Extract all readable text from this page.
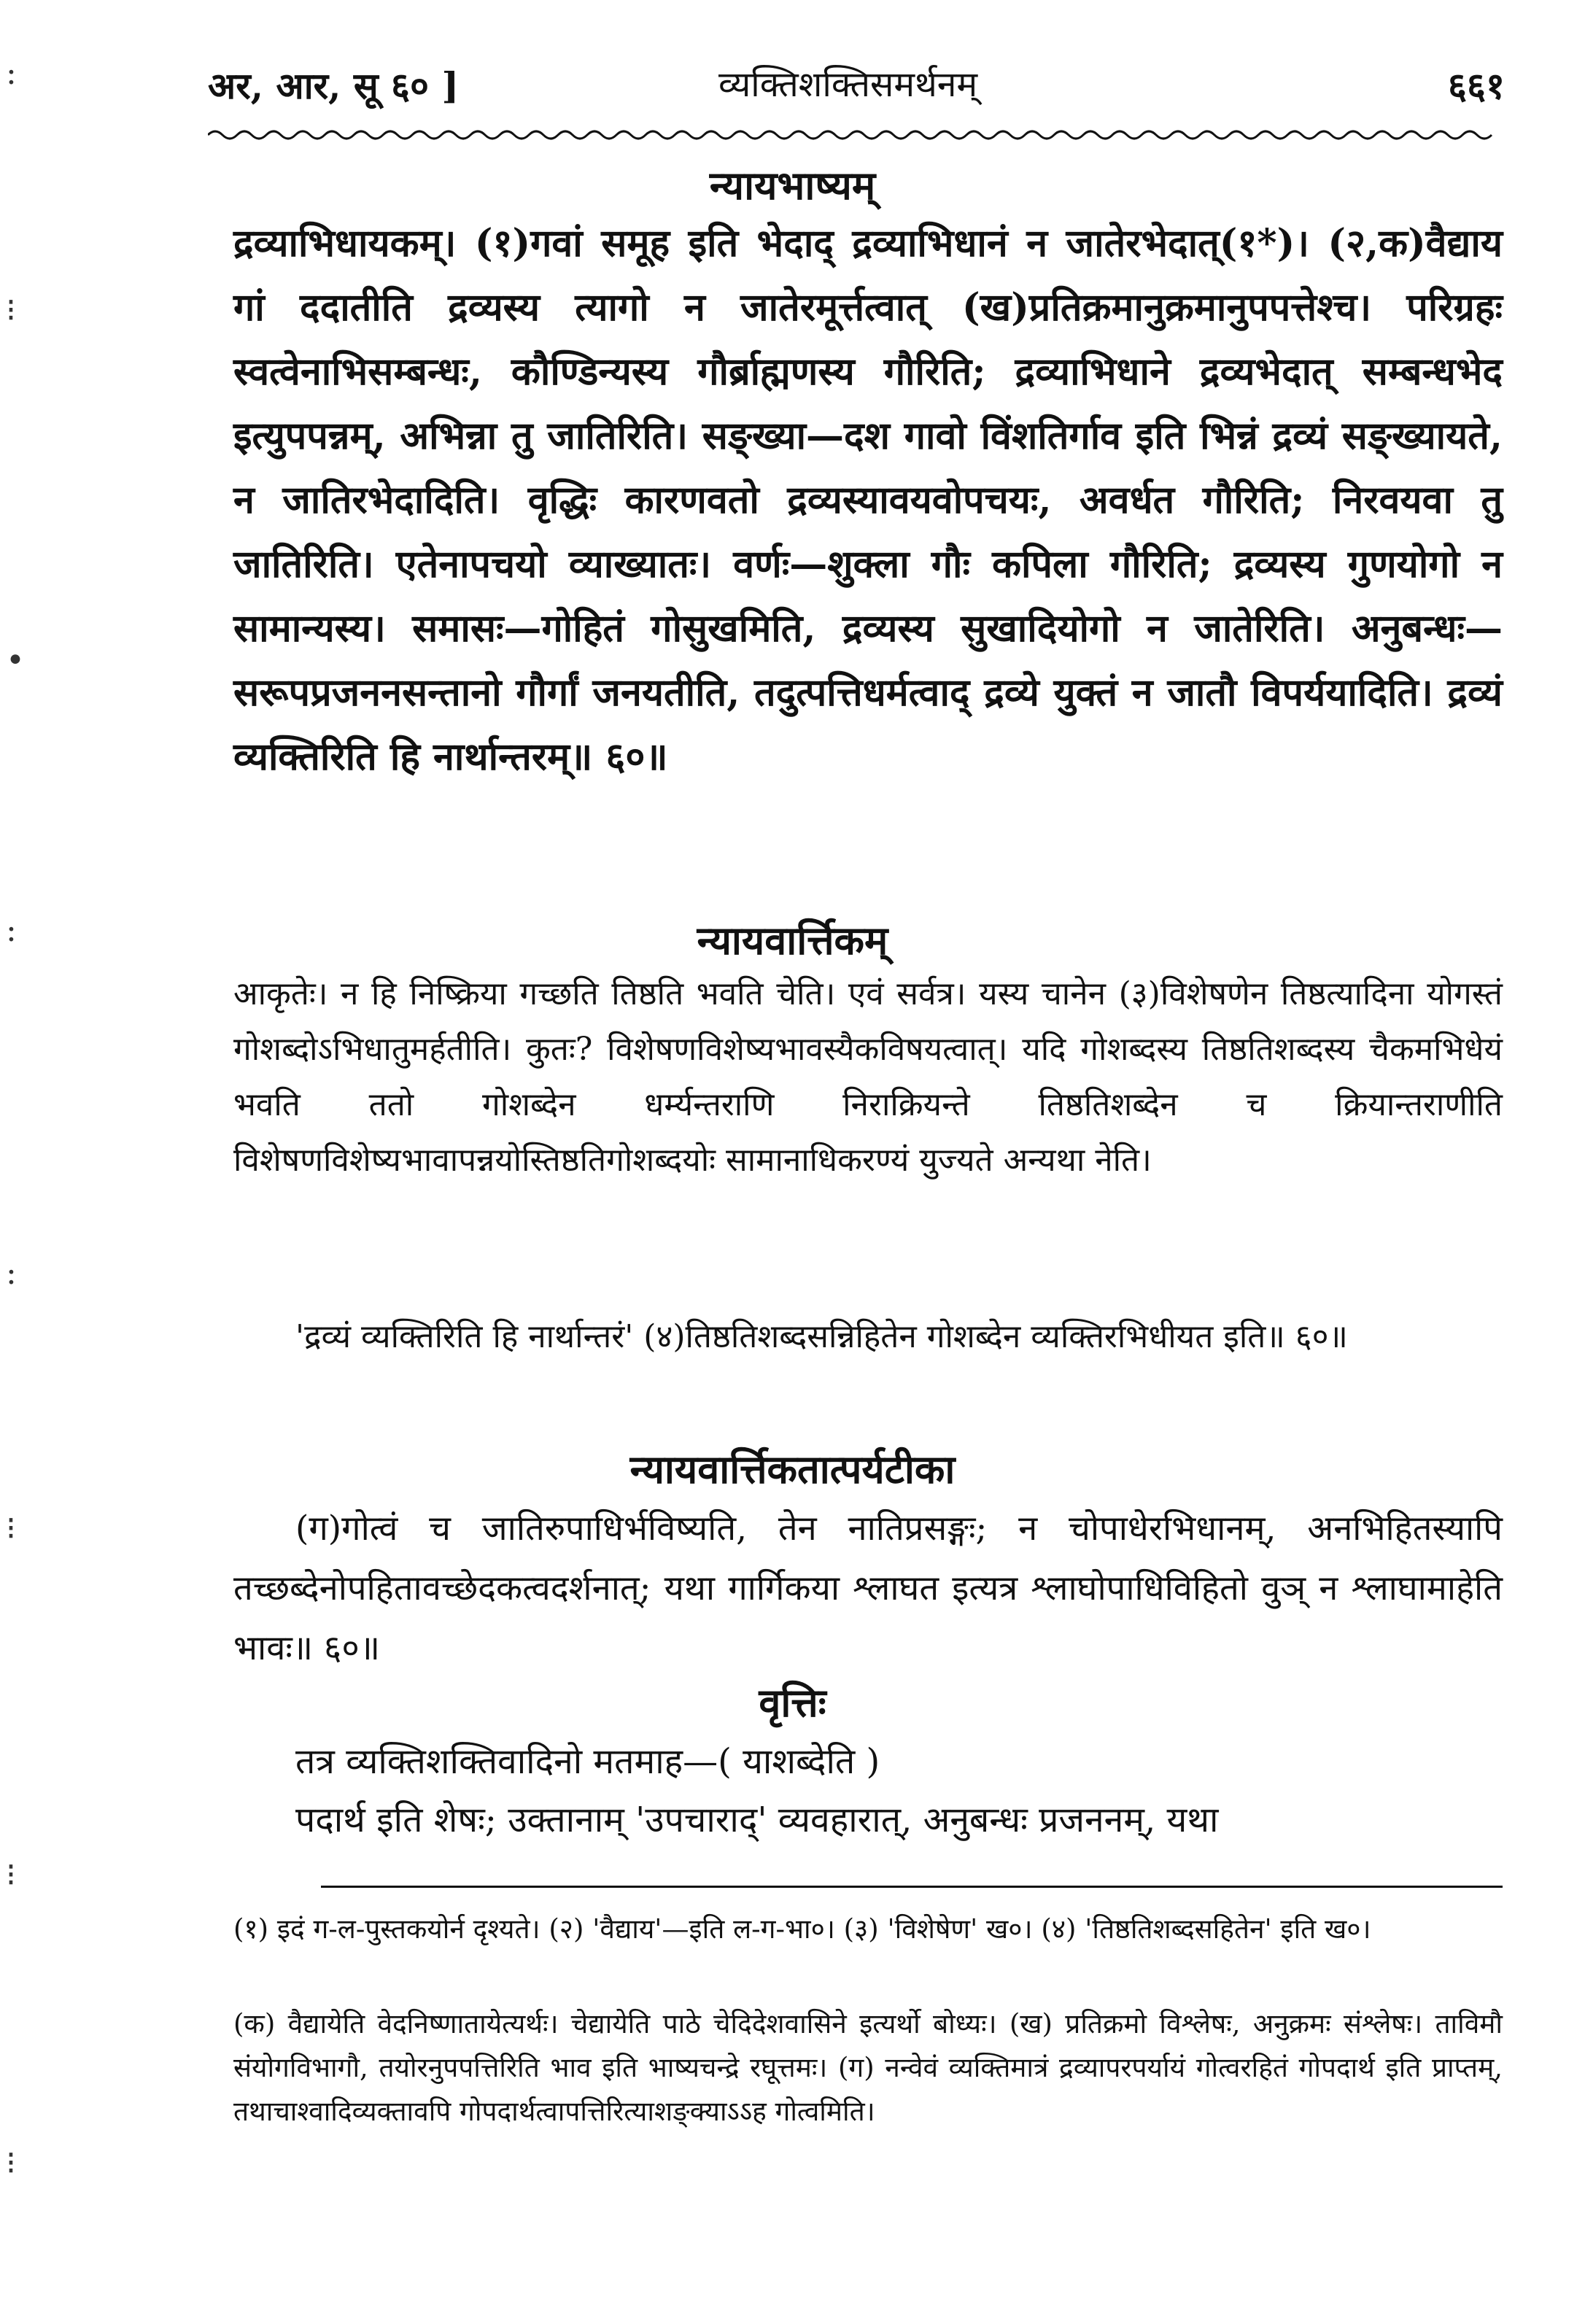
अर, आर, सू ६० ]	व्यक्तिशक्तिसमर्थनम्	६६१
न्यायभाष्यम्
द्रव्याभिधायकम्। (१)गवां समूह इति भेदाद् द्रव्याभिधानं न जातेरभेदात्(१*)। (२,क)वैद्याय गां ददातीति द्रव्यस्य त्यागो न जातेरमूर्त्तत्वात् (ख)प्रतिक्रमानुक्रमानुपपत्तेश्च। परिग्रहः स्वत्वेनाभिसम्बन्धः, कौण्डिन्यस्य गौर्ब्राह्मणस्य गौरिति; द्रव्याभिधाने द्रव्यभेदात् सम्बन्धभेद इत्युपपन्नम्, अभिन्ना तु जातिरिति। सङ्ख्या—दश गावो विंशतिर्गाव इति भिन्नं द्रव्यं सङ्ख्यायते, न जातिरभेदादिति। वृद्धिः कारणवतो द्रव्यस्यावयवोपचयः, अवर्धत गौरिति; निरवयवा तु जातिरिति। एतेनापचयो व्याख्यातः। वर्णः—शुक्ला गौः कपिला गौरिति; द्रव्यस्य गुणयोगो न सामान्यस्य। समासः—गोहितं गोसुखमिति, द्रव्यस्य सुखादियोगो न जातेरिति। अनुबन्धः—सरूपप्रजननसन्तानो गौर्गां जनयतीति, तदुत्पत्तिधर्मत्वाद् द्रव्ये युक्तं न जातौ विपर्ययादिति। द्रव्यं व्यक्तिरिति हि नार्थान्तरम्॥ ६०॥
न्यायवार्त्तिकम्
आकृतेः। न हि निष्क्रिया गच्छति तिष्ठति भवति चेति। एवं सर्वत्र। यस्य चानेन (३)विशेषणेन तिष्ठत्यादिना योगस्तं गोशब्दोऽभिधातुमर्हतीति। कुतः? विशेषणविशेष्यभावस्यैकविषयत्वात्। यदि गोशब्दस्य तिष्ठतिशब्दस्य चैकमभिधेयं भवति ततो गोशब्देन धर्म्यन्तराणि निराक्रियन्ते तिष्ठतिशब्देन च क्रियान्तराणीति विशेषणविशेष्यभावापन्नयोस्तिष्ठतिगोशब्दयोः सामानाधिकरण्यं युज्यते अन्यथा नेति।
'द्रव्यं व्यक्तिरिति हि नार्थान्तरं' (४)तिष्ठतिशब्दसन्निहितेन गोशब्देन व्यक्तिरभिधीयत इति॥ ६०॥
न्यायवार्त्तिकतात्पर्यटीका
(ग)गोत्वं च जातिरुपाधिर्भविष्यति, तेन नातिप्रसङ्गः; न चोपाधेरभिधानम्, अनभिहितस्यापि तच्छब्देनोपहितावच्छेदकत्वदर्शनात्; यथा गार्गिकया श्लाघत इत्यत्र श्लाघोपाधिविहितो वुञ् न श्लाघामाहेति भावः॥ ६०॥
वृत्तिः
तत्र व्यक्तिशक्तिवादिनो मतमाह—( याशब्देति )
पदार्थ इति शेषः; उक्तानाम् 'उपचाराद्' व्यवहारात्, अनुबन्धः प्रजननम्, यथा
(१) इदं ग-ल-पुस्तकयोर्न दृश्यते। (२) 'वैद्याय'—इति ल-ग-भा०। (३) 'विशेषेण' ख०। (४) 'तिष्ठतिशब्दसहितेन' इति ख०।
(क) वैद्यायेति वेदनिष्णातायेत्यर्थः। चेद्यायेति पाठे चेदिदेशवासिने इत्यर्थो बोध्यः। (ख) प्रतिक्रमो विश्लेषः, अनुक्रमः संश्लेषः। ताविमौ संयोगविभागौ, तयोरनुपपत्तिरिति भाव इति भाष्यचन्द्रे रघूत्तमः। (ग) नन्वेवं व्यक्तिमात्रं द्रव्यापरपर्यायं गोत्वरहितं गोपदार्थ इति प्राप्तम्, तथाचाश्वादिव्यक्तावपि गोपदार्थत्वापत्तिरित्याशङ्क्याऽऽह गोत्वमिति।
:
⁝
•
:
:
⁝
⁝
⁝
